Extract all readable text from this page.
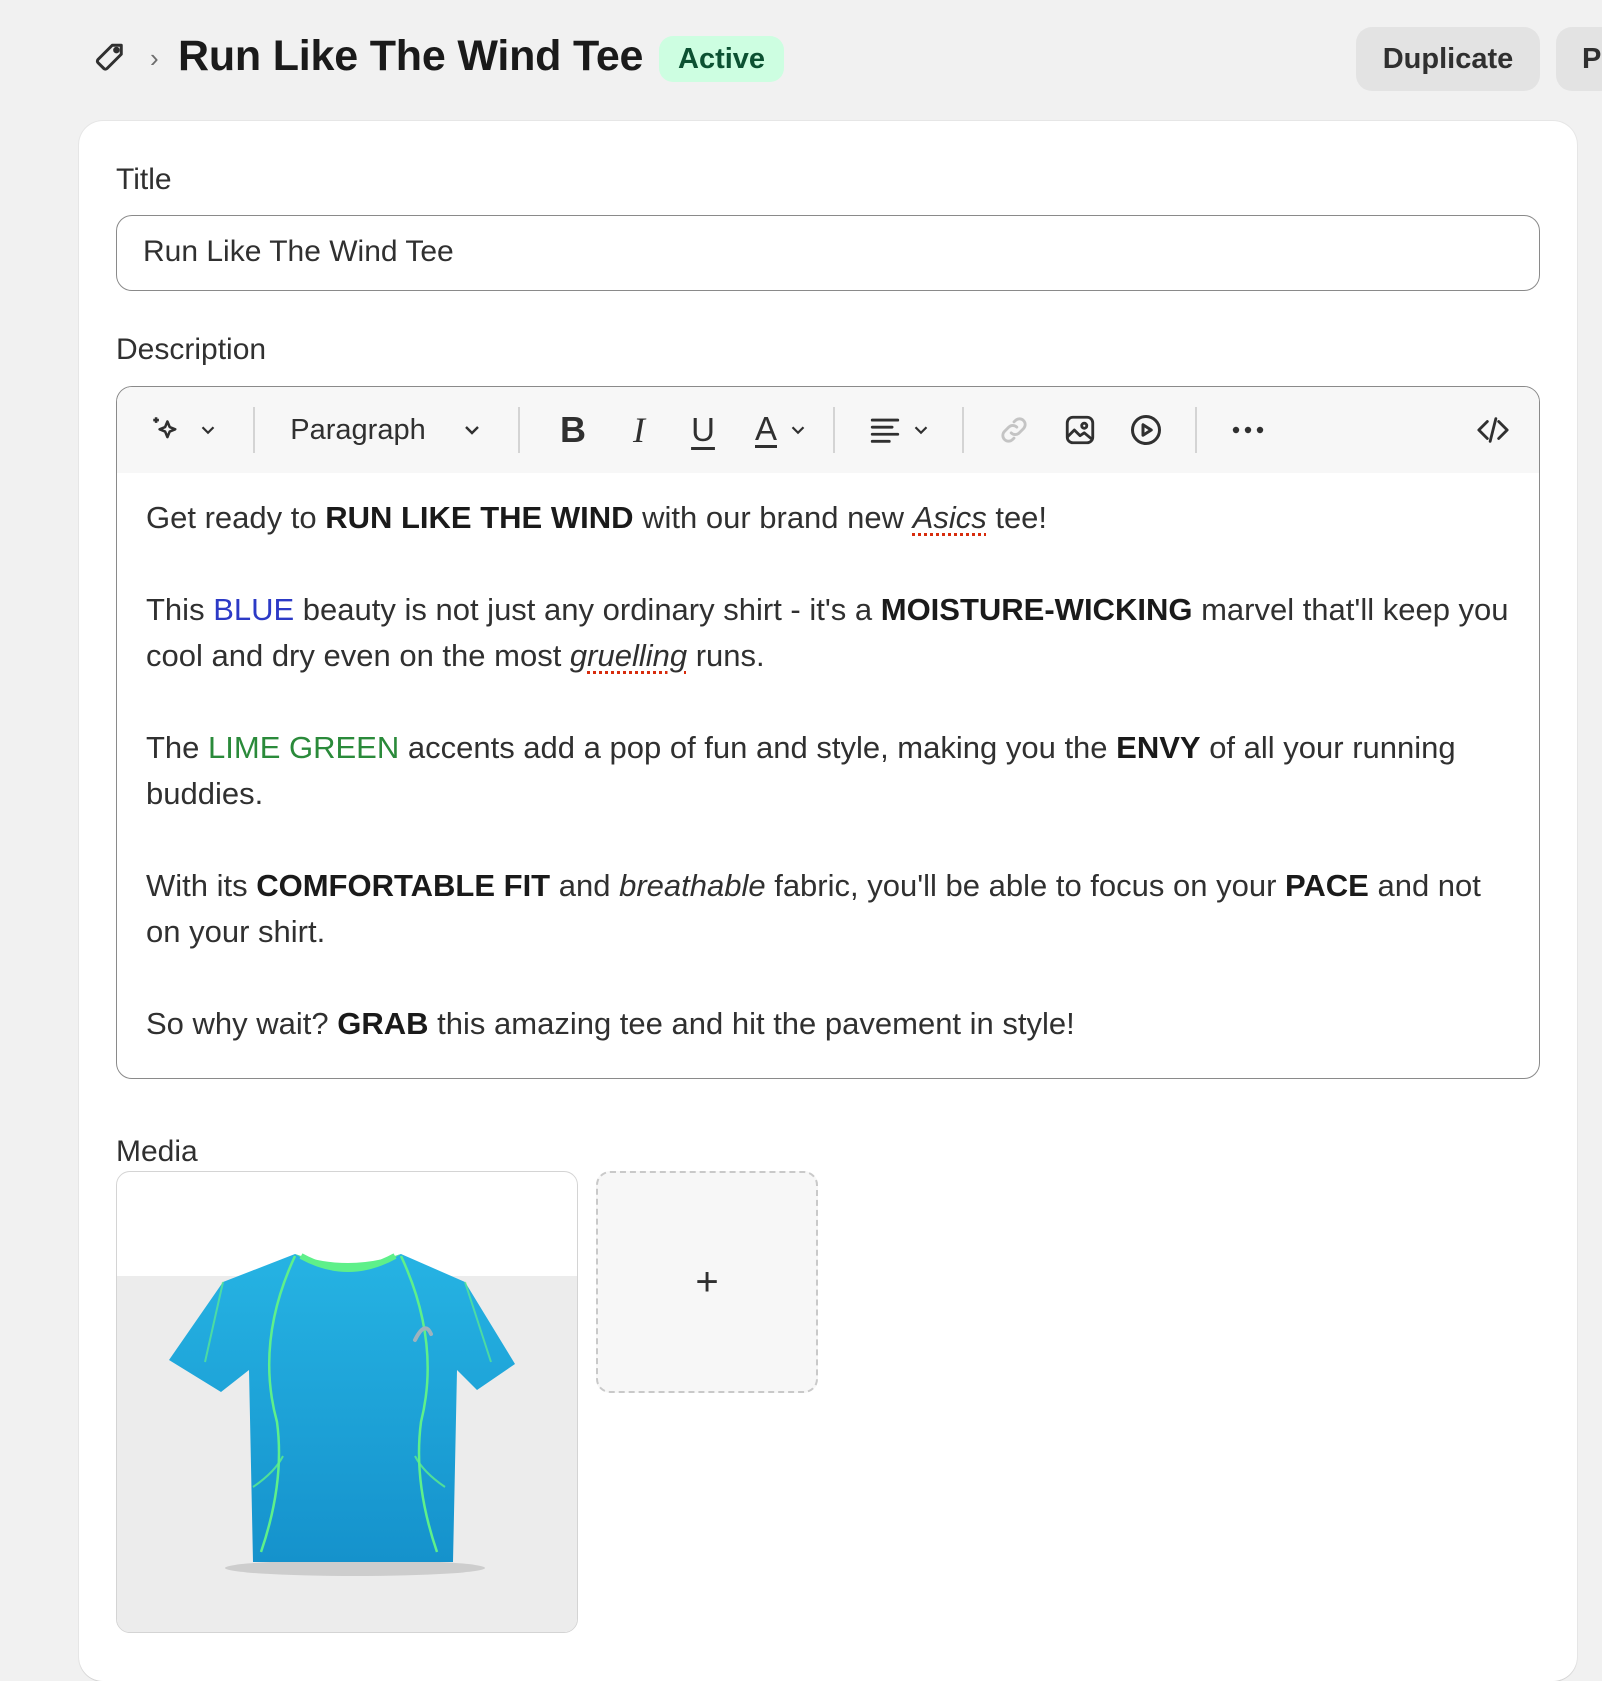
› Run Like The Wind Tee	Active	Duplicate	P
Title
Run Like The Wind Tee
Description
Paragraph	B I U A

Get ready to RUN LIKE THE WIND with our brand new Asics tee!

This BLUE beauty is not just any ordinary shirt - it's a MOISTURE-WICKING marvel that'll keep you cool and dry even on the most gruelling runs.

The LIME GREEN accents add a pop of fun and style, making you the ENVY of all your running buddies.

With its COMFORTABLE FIT and breathable fabric, you'll be able to focus on your PACE and not on your shirt.

So why wait? GRAB this amazing tee and hit the pavement in style!

Media
+
